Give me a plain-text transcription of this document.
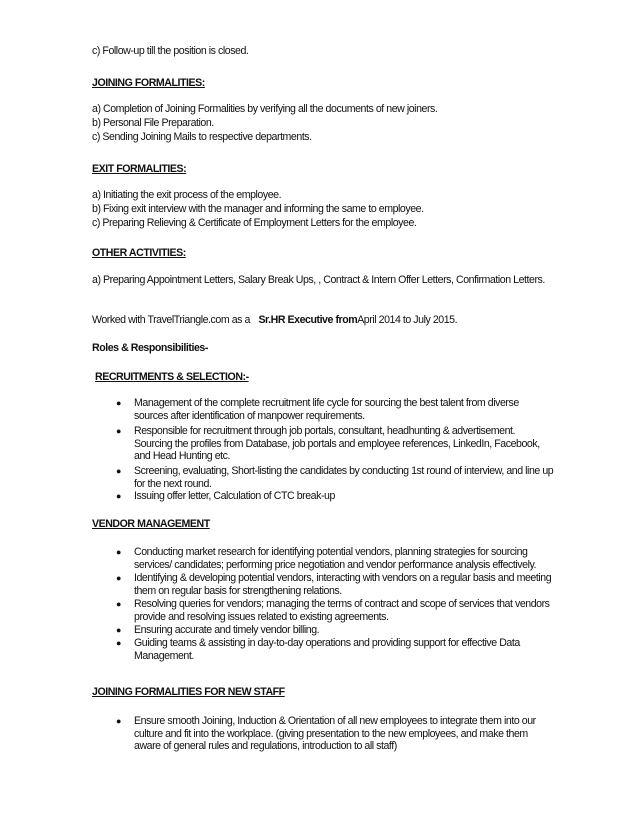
c) Follow-up till the position is closed.
JOINING FORMALITIES:
a) Completion of Joining Formalities by verifying all the documents of new joiners.
b) Personal File Preparation.
c) Sending Joining Mails to respective departments.
EXIT FORMALITIES:
a) Initiating the exit process of the employee.
b) Fixing exit interview with the manager and informing the same to employee.
c) Preparing Relieving & Certificate of Employment Letters for the employee.
OTHER ACTIVITIES:
a) Preparing Appointment Letters, Salary Break Ups, , Contract & Intern Offer Letters, Confirmation Letters.
Worked with TravelTriangle.com as a Sr.HR Executive fromApril 2014 to July 2015.
Roles & Responsibilities-
RECRUITMENTS & SELECTION:-
● Management of the complete recruitment life cycle for sourcing the best talent from diverse sources after identification of manpower requirements.
● Responsible for recruitment through job portals, consultant, headhunting & advertisement. Sourcing the profiles from Database, job portals and employee references, LinkedIn, Facebook, and Head Hunting etc.
● Screening, evaluating, Short-listing the candidates by conducting 1st round of interview, and line up for the next round.
● Issuing offer letter, Calculation of CTC break-up
VENDOR MANAGEMENT
● Conducting market research for identifying potential vendors, planning strategies for sourcing services/ candidates; performing price negotiation and vendor performance analysis effectively.
● Identifying & developing potential vendors, interacting with vendors on a regular basis and meeting them on regular basis for strengthening relations.
● Resolving queries for vendors; managing the terms of contract and scope of services that vendors provide and resolving issues related to existing agreements.
● Ensuring accurate and timely vendor billing.
● Guiding teams & assisting in day-to-day operations and providing support for effective Data Management.
JOINING FORMALITIES FOR NEW STAFF
● Ensure smooth Joining, Induction & Orientation of all new employees to integrate them into our culture and fit into the workplace. (giving presentation to the new employees, and make them aware of general rules and regulations, introduction to all staff)
